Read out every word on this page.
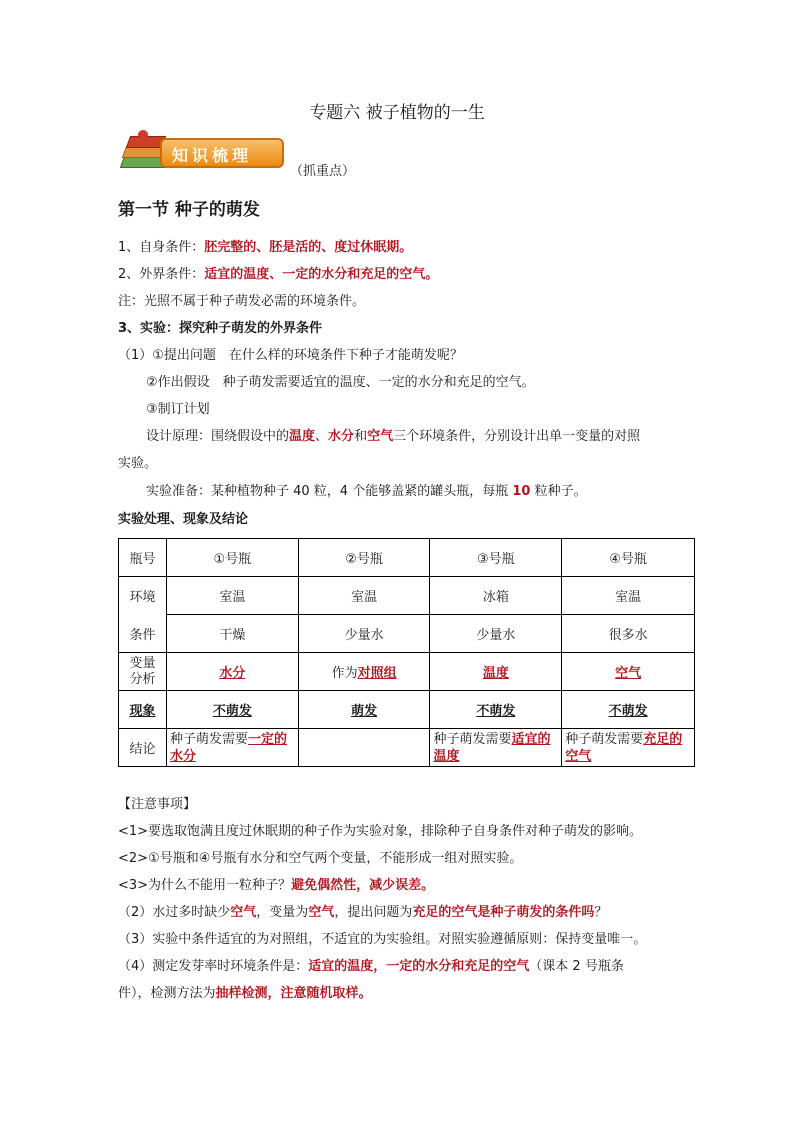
专题六 被子植物的一生
知识梳理
（抓重点）
第一节 种子的萌发
1、自身条件：胚完整的、胚是活的、度过休眠期。
2、外界条件：适宜的温度、一定的水分和充足的空气。
注：光照不属于种子萌发必需的环境条件。
3、实验：探究种子萌发的外界条件
（1）①提出问题　在什么样的环境条件下种子才能萌发呢？
②作出假设　种子萌发需要适宜的温度、一定的水分和充足的空气。
③制订计划
设计原理：围绕假设中的温度、水分和空气三个环境条件，分别设计出单一变量的对照
实验。
实验准备：某种植物种子 40 粒，4 个能够盖紧的罐头瓶，每瓶 10 粒种子。
实验处理、现象及结论
瓶号	①号瓶	②号瓶	③号瓶	④号瓶
环境	室温	室温	冰箱	室温
条件	干燥	少量水	少量水	很多水
变量分析	水分	作为对照组	温度	空气
现象	不萌发	萌发	不萌发	不萌发
结论	种子萌发需要一定的水分		种子萌发需要适宜的温度	种子萌发需要充足的空气
【注意事项】
<1>要选取饱满且度过休眠期的种子作为实验对象，排除种子自身条件对种子萌发的影响。
<2>①号瓶和④号瓶有水分和空气两个变量，不能形成一组对照实验。
<3>为什么不能用一粒种子？避免偶然性，减少误差。
（2）水过多时缺少空气，变量为空气，提出问题为充足的空气是种子萌发的条件吗？
（3）实验中条件适宜的为对照组，不适宜的为实验组。对照实验遵循原则：保持变量唯一。
（4）测定发芽率时环境条件是：适宜的温度，一定的水分和充足的空气（课本 2 号瓶条
件），检测方法为抽样检测，注意随机取样。
